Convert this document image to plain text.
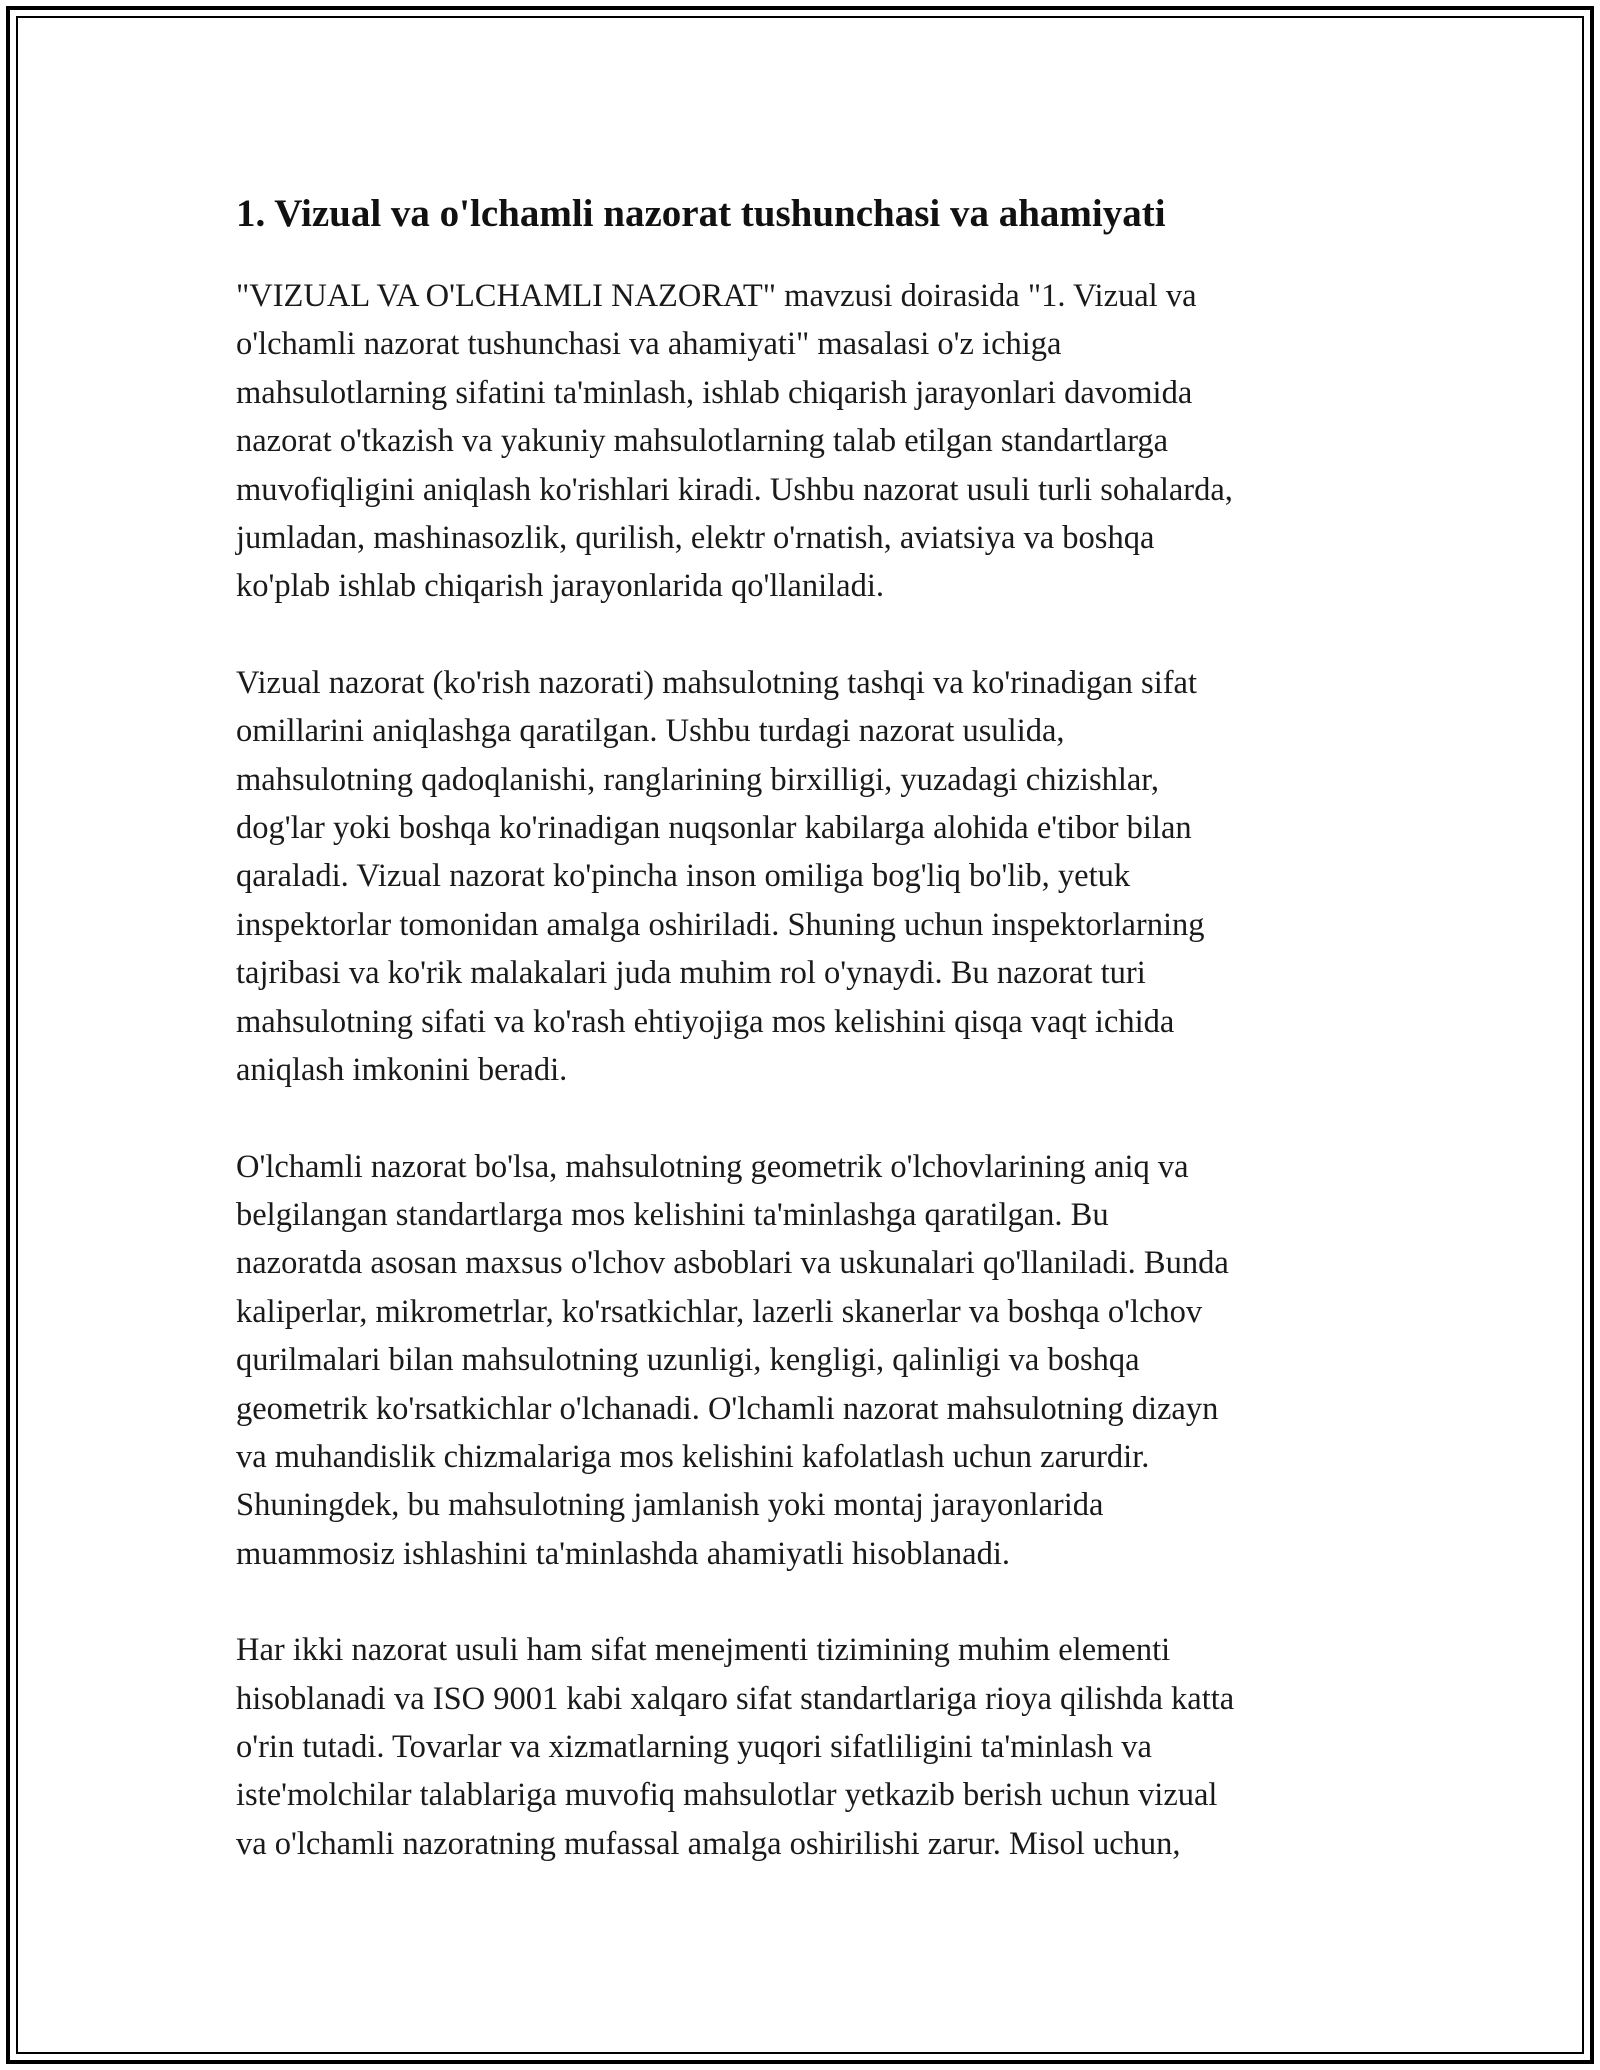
1. Vizual va o'lchamli nazorat tushunchasi va ahamiyati

"VIZUAL VA O'LCHAMLI NAZORAT" mavzusi doirasida "1. Vizual va
o'lchamli nazorat tushunchasi va ahamiyati" masalasi o'z ichiga
mahsulotlarning sifatini ta'minlash, ishlab chiqarish jarayonlari davomida
nazorat o'tkazish va yakuniy mahsulotlarning talab etilgan standartlarga
muvofiqligini aniqlash ko'rishlari kiradi. Ushbu nazorat usuli turli sohalarda,
jumladan, mashinasozlik, qurilish, elektr o'rnatish, aviatsiya va boshqa
ko'plab ishlab chiqarish jarayonlarida qo'llaniladi.

Vizual nazorat (ko'rish nazorati) mahsulotning tashqi va ko'rinadigan sifat
omillarini aniqlashga qaratilgan. Ushbu turdagi nazorat usulida,
mahsulotning qadoqlanishi, ranglarining birxilligi, yuzadagi chizishlar,
dog'lar yoki boshqa ko'rinadigan nuqsonlar kabilarga alohida e'tibor bilan
qaraladi. Vizual nazorat ko'pincha inson omiliga bog'liq bo'lib, yetuk
inspektorlar tomonidan amalga oshiriladi. Shuning uchun inspektorlarning
tajribasi va ko'rik malakalari juda muhim rol o'ynaydi. Bu nazorat turi
mahsulotning sifati va ko'rash ehtiyojiga mos kelishini qisqa vaqt ichida
aniqlash imkonini beradi.

O'lchamli nazorat bo'lsa, mahsulotning geometrik o'lchovlarining aniq va
belgilangan standartlarga mos kelishini ta'minlashga qaratilgan. Bu
nazoratda asosan maxsus o'lchov asboblari va uskunalari qo'llaniladi. Bunda
kaliperlar, mikrometrlar, ko'rsatkichlar, lazerli skanerlar va boshqa o'lchov
qurilmalari bilan mahsulotning uzunligi, kengligi, qalinligi va boshqa
geometrik ko'rsatkichlar o'lchanadi. O'lchamli nazorat mahsulotning dizayn
va muhandislik chizmalariga mos kelishini kafolatlash uchun zarurdir.
Shuningdek, bu mahsulotning jamlanish yoki montaj jarayonlarida
muammosiz ishlashini ta'minlashda ahamiyatli hisoblanadi.

Har ikki nazorat usuli ham sifat menejmenti tizimining muhim elementi
hisoblanadi va ISO 9001 kabi xalqaro sifat standartlariga rioya qilishda katta
o'rin tutadi. Tovarlar va xizmatlarning yuqori sifatliligini ta'minlash va
iste'molchilar talablariga muvofiq mahsulotlar yetkazib berish uchun vizual
va o'lchamli nazoratning mufassal amalga oshirilishi zarur. Misol uchun,
